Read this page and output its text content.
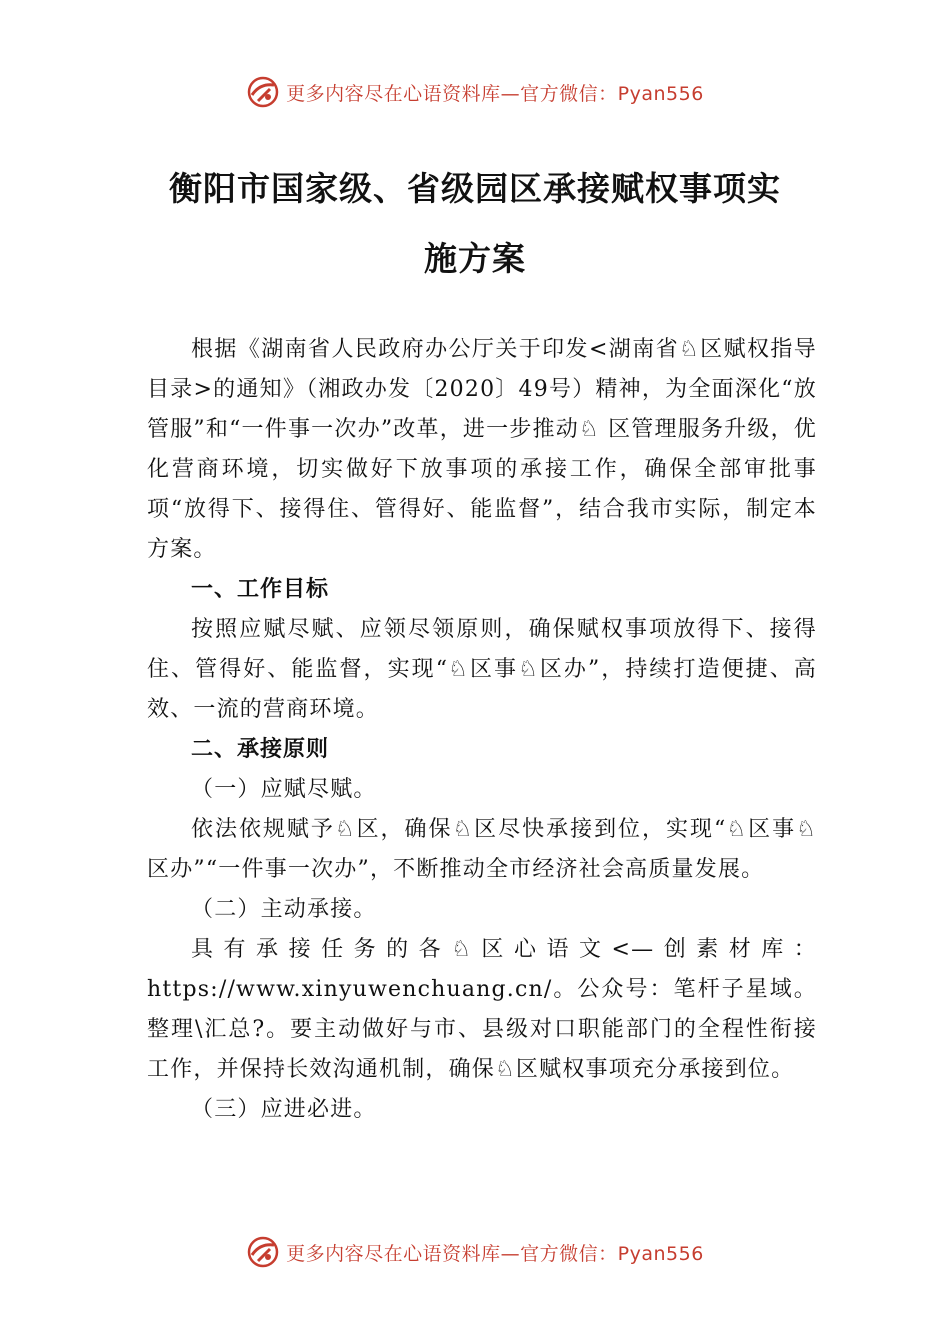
更多内容尽在心语资料库 —官方微信：Pyan556
衡阳市国家级、省级园区承接赋权事项实
施方案

根据《湖南省人民政府办公厅关于印发<湖南省♘区赋权指导目录>的通知》（湘政办发〔2020〕49号）精神，为全面深化“放管服”和“一件事一次办”改革，进一步推动♘ 区管理服务升级，优化营商环境，切实做好下放事项的承接工作，确保全部审批事项“放得下、接得住、管得好、能监督”，结合我市实际，制定本方案。

一、工作目标

按照应赋尽赋、应领尽领原则，确保赋权事项放得下、接得住、管得好、能监督，实现“♘区事♘区办”，持续打造便捷、高效、一流的营商环境。

二、承接原则

（一）应赋尽赋。

依法依规赋予♘区，确保♘区尽快承接到位，实现“♘区事♘区办”“一件事一次办”，不断推动全市经济社会高质量发展。

（二）主动承接。

具有承接任务的各♘区心语文<—创素材库：https://www.xinyuwenchuang.cn/。公众号：笔杆子星域。整理\汇总?。要主动做好与市、县级对口职能部门的全程性衔接工作，并保持长效沟通机制，确保♘区赋权事项充分承接到位。

（三）应进必进。

更多内容尽在心语资料库 —官方微信：Pyan556
